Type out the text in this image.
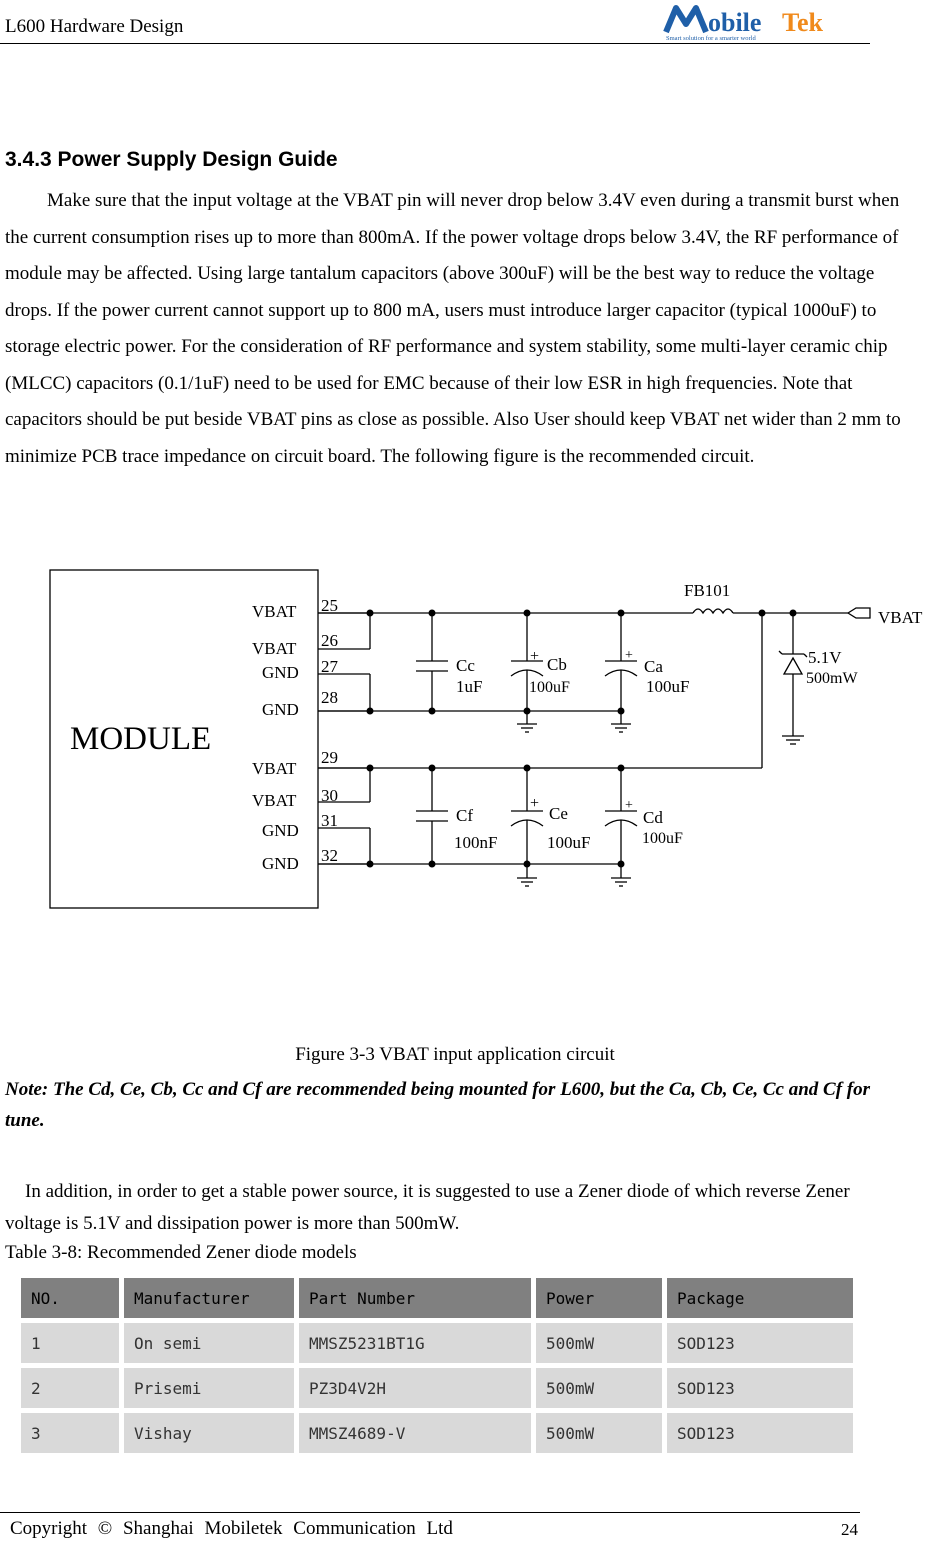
L600 Hardware Design	obile Tek
Smart solution for a smarter world
3.4.3 Power Supply Design Guide

Make sure that the input voltage at the VBAT pin will never drop below 3.4V even during a transmit burst when the current consumption rises up to more than 800mA. If the power voltage drops below 3.4V, the RF performance of module may be affected. Using large tantalum capacitors (above 300uF) will be the best way to reduce the voltage drops. If the power current cannot support up to 800 mA, users must introduce larger capacitor (typical 1000uF) to storage electric power. For the consideration of RF performance and system stability, some multi-layer ceramic chip (MLCC) capacitors (0.1/1uF) need to be used for EMC because of their low ESR in high frequencies. Note that capacitors should be put beside VBAT pins as close as possible. Also User should keep VBAT net wider than 2 mm to minimize PCB trace impedance on circuit board. The following figure is the recommended circuit.

MODULE
VBAT
VBAT
GND
GND
VBAT
VBAT
GND
GND
25
26
27
28
29
30
31
32
FB101
VBAT
5.1V
500mW
Cc
1uF
Cb
100uF
Ca
100uF
Cf
100nF
Ce
100uF
Cd
100uF
+	+
+	+
Figure 3-3 VBAT input application circuit

Note: The Cd, Ce, Cb, Cc and Cf are recommended being mounted for L600, but the Ca, Cb, Ce, Cc and Cf for tune.

In addition, in order to get a stable power source, it is suggested to use a Zener diode of which reverse Zener voltage is 5.1V and dissipation power is more than 500mW.

Table 3-8: Recommended Zener diode models
NO.	Manufacturer	Part Number	Power	Package
1	On semi	MMSZ5231BT1G	500mW	SOD123
2	Prisemi	PZ3D4V2H	500mW	SOD123
3	Vishay	MMSZ4689-V	500mW	SOD123
Copyright © Shanghai Mobiletek Communication Ltd	24
